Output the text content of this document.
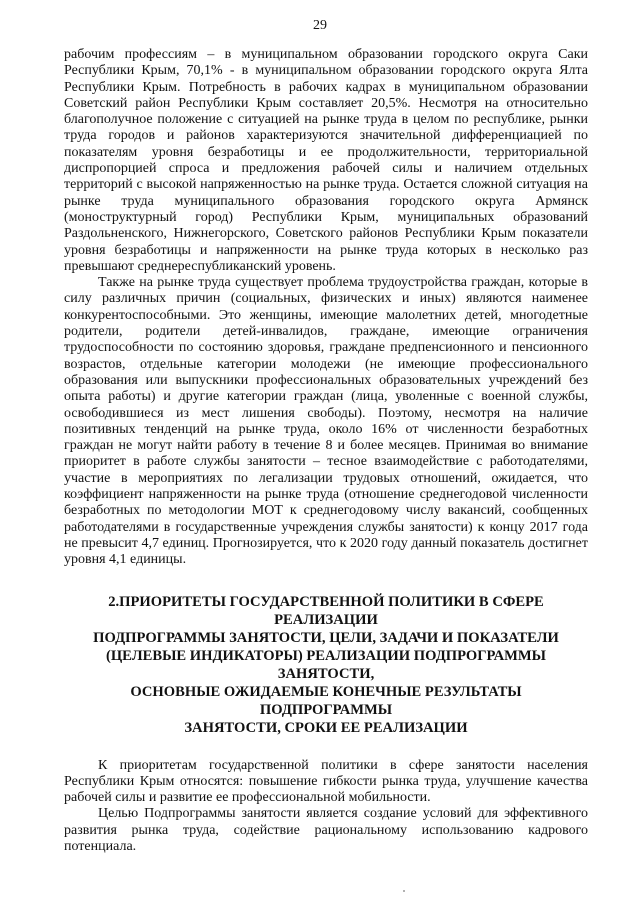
29

рабочим профессиям – в муниципальном образовании городского округа Саки Республики Крым, 70,1% - в муниципальном образовании городского округа Ялта Республики Крым. Потребность в рабочих кадрах в муниципальном образовании Советский район Республики Крым составляет 20,5%. Несмотря на относительно благополучное положение с ситуацией на рынке труда в целом по республике, рынки труда городов и районов характеризуются значительной дифференциацией по показателям уровня безработицы и ее продолжительности, территориальной диспропорцией спроса и предложения рабочей силы и наличием отдельных территорий с высокой напряженностью на рынке труда. Остается сложной ситуация на рынке труда муниципального образования городского округа Армянск (моноструктурный город) Республики Крым, муниципальных образований Раздольненского, Нижнегорского, Советского районов Республики Крым показатели уровня безработицы и напряженности на рынке труда которых в несколько раз превышают среднереспубликанский уровень.

Также на рынке труда существует проблема трудоустройства граждан, которые в силу различных причин (социальных, физических и иных) являются наименее конкурентоспособными. Это женщины, имеющие малолетних детей, многодетные родители, родители детей-инвалидов, граждане, имеющие ограничения трудоспособности по состоянию здоровья, граждане предпенсионного и пенсионного возрастов, отдельные категории молодежи (не имеющие профессионального образования или выпускники профессиональных образовательных учреждений без опыта работы) и другие категории граждан (лица, уволенные с военной службы, освободившиеся из мест лишения свободы). Поэтому, несмотря на наличие позитивных тенденций на рынке труда, около 16% от численности безработных граждан не могут найти работу в течение 8 и более месяцев. Принимая во внимание приоритет в работе службы занятости – тесное взаимодействие с работодателями, участие в мероприятиях по легализации трудовых отношений, ожидается, что коэффициент напряженности на рынке труда (отношение среднегодовой численности безработных по методологии МОТ к среднегодовому числу вакансий, сообщенных работодателями в государственные учреждения службы занятости) к концу 2017 года не превысит 4,7 единиц. Прогнозируется, что к 2020 году данный показатель достигнет уровня 4,1 единицы.

2.ПРИОРИТЕТЫ ГОСУДАРСТВЕННОЙ ПОЛИТИКИ В СФЕРЕ РЕАЛИЗАЦИИ
ПОДПРОГРАММЫ ЗАНЯТОСТИ, ЦЕЛИ, ЗАДАЧИ И ПОКАЗАТЕЛИ
(ЦЕЛЕВЫЕ ИНДИКАТОРЫ) РЕАЛИЗАЦИИ ПОДПРОГРАММЫ ЗАНЯТОСТИ,
ОСНОВНЫЕ ОЖИДАЕМЫЕ КОНЕЧНЫЕ РЕЗУЛЬТАТЫ ПОДПРОГРАММЫ
ЗАНЯТОСТИ, СРОКИ ЕЕ РЕАЛИЗАЦИИ

К приоритетам государственной политики в сфере занятости населения Республики Крым относятся: повышение гибкости рынка труда, улучшение качества рабочей силы и развитие ее профессиональной мобильности.

Целью Подпрограммы занятости является создание условий для эффективного развития рынка труда, содействие рациональному использованию кадрового потенциала.
